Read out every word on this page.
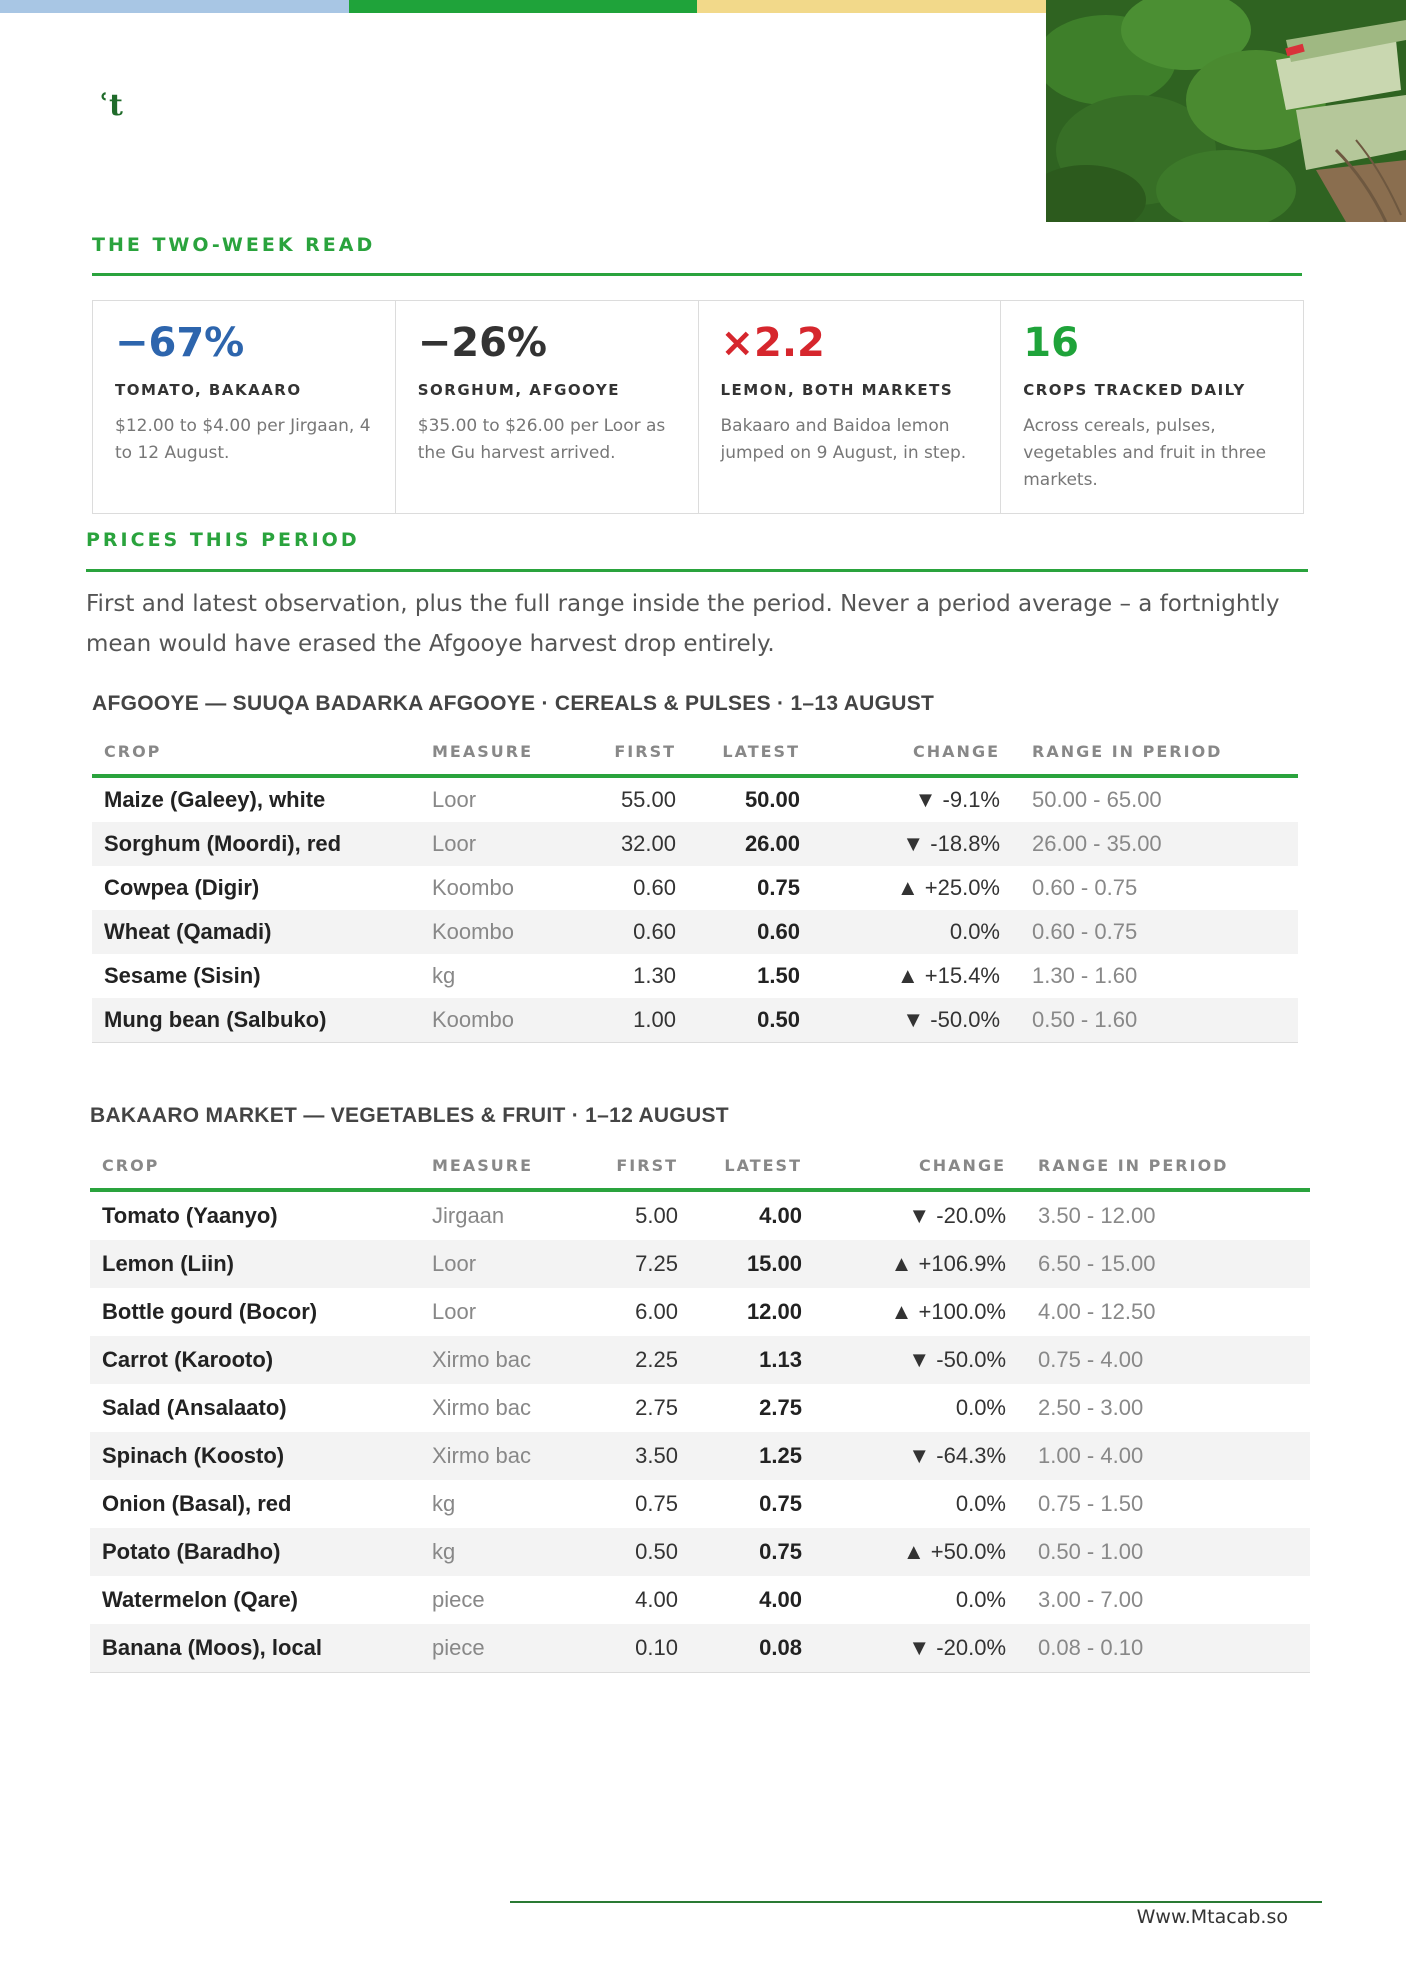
ʿt
THE TWO-WEEK READ
−67%
TOMATO, BAKAARO
$12.00 to $4.00 per Jirgaan, 4 to 12 August.
−26%
SORGHUM, AFGOOYE
$35.00 to $26.00 per Loor as the Gu harvest arrived.
×2.2
LEMON, BOTH MARKETS
Bakaaro and Baidoa lemon jumped on 9 August, in step.
16
CROPS TRACKED DAILY
Across cereals, pulses, vegetables and fruit in three markets.
PRICES THIS PERIOD
First and latest observation, plus the full range inside the period. Never a period average – a fortnightly mean would have erased the Afgooye harvest drop entirely.
AFGOOYE — SUUQA BADARKA AFGOOYE · CEREALS & PULSES · 1–13 AUGUST
CROP	MEASURE	FIRST	LATEST	CHANGE	RANGE IN PERIOD
Maize (Galeey), white	Loor	55.00	50.00	▼ -9.1%	50.00 - 65.00
Sorghum (Moordi), red	Loor	32.00	26.00	▼ -18.8%	26.00 - 35.00
Cowpea (Digir)	Koombo	0.60	0.75	▲ +25.0%	0.60 - 0.75
Wheat (Qamadi)	Koombo	0.60	0.60	0.0%	0.60 - 0.75
Sesame (Sisin)	kg	1.30	1.50	▲ +15.4%	1.30 - 1.60
Mung bean (Salbuko)	Koombo	1.00	0.50	▼ -50.0%	0.50 - 1.60
BAKAARO MARKET — VEGETABLES & FRUIT · 1–12 AUGUST
CROP	MEASURE	FIRST	LATEST	CHANGE	RANGE IN PERIOD
Tomato (Yaanyo)	Jirgaan	5.00	4.00	▼ -20.0%	3.50 - 12.00
Lemon (Liin)	Loor	7.25	15.00	▲ +106.9%	6.50 - 15.00
Bottle gourd (Bocor)	Loor	6.00	12.00	▲ +100.0%	4.00 - 12.50
Carrot (Karooto)	Xirmo bac	2.25	1.13	▼ -50.0%	0.75 - 4.00
Salad (Ansalaato)	Xirmo bac	2.75	2.75	0.0%	2.50 - 3.00
Spinach (Koosto)	Xirmo bac	3.50	1.25	▼ -64.3%	1.00 - 4.00
Onion (Basal), red	kg	0.75	0.75	0.0%	0.75 - 1.50
Potato (Baradho)	kg	0.50	0.75	▲ +50.0%	0.50 - 1.00
Watermelon (Qare)	piece	4.00	4.00	0.0%	3.00 - 7.00
Banana (Moos), local	piece	0.10	0.08	▼ -20.0%	0.08 - 0.10
Www.Mtacab.so
